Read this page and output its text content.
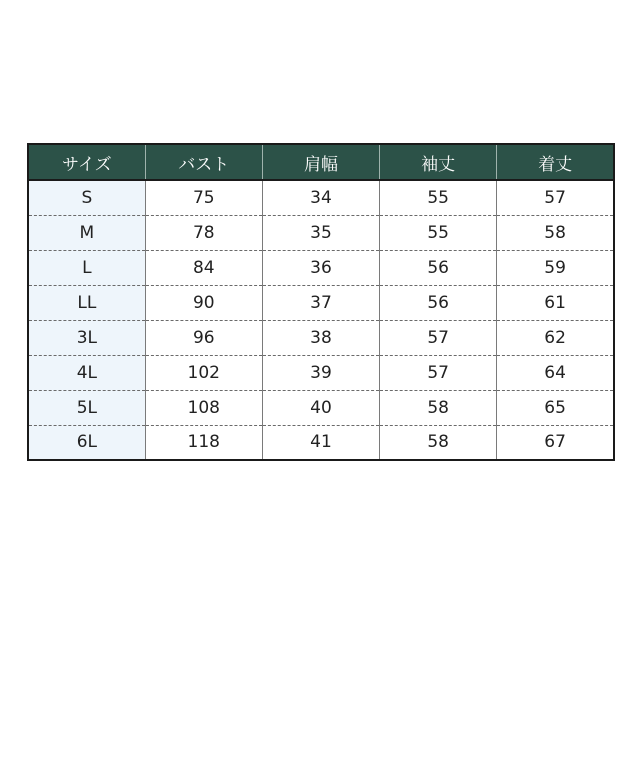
サイズ	バスト	肩幅	袖丈	着丈
S	75	34	55	57
M	78	35	55	58
L	84	36	56	59
LL	90	37	56	61
3L	96	38	57	62
4L	102	39	57	64
5L	108	40	58	65
6L	118	41	58	67
